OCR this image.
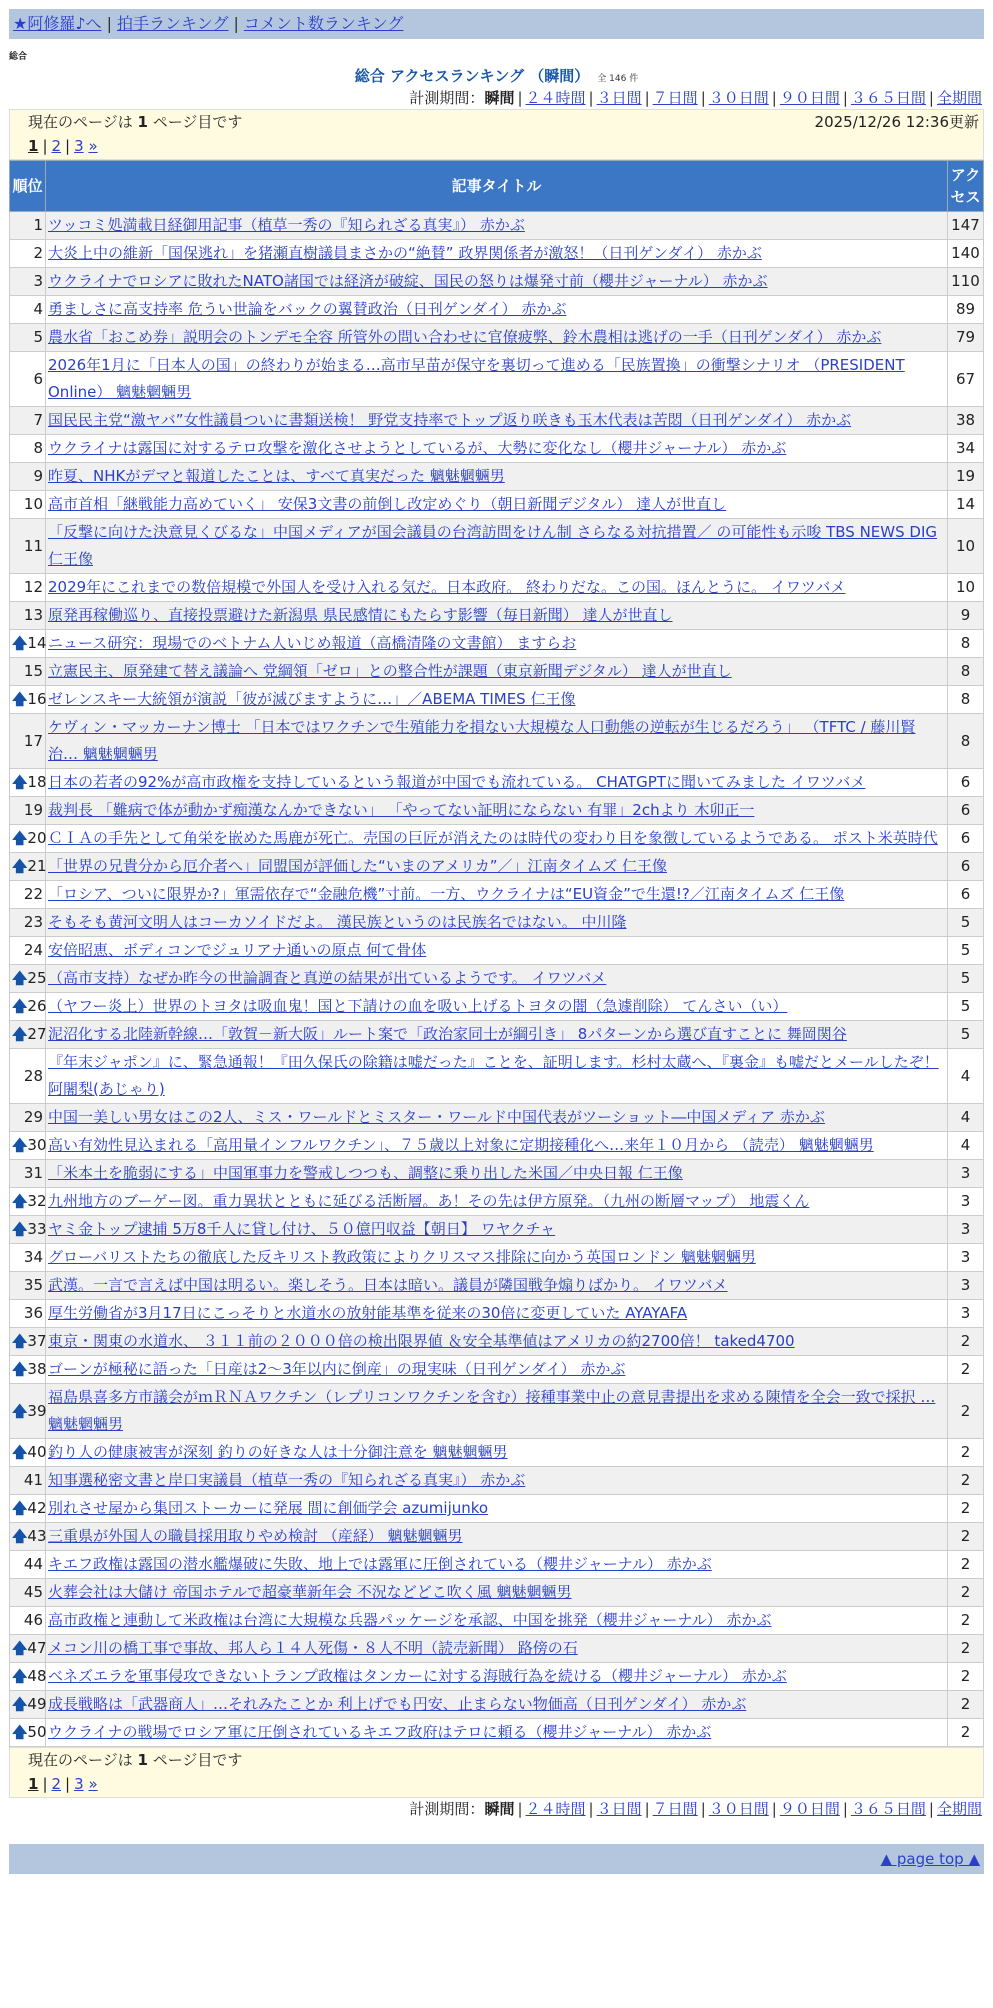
★阿修羅♪へ | 拍手ランキング | コメント数ランキング
総合
総合 アクセスランキング （瞬間） 全 146 件
計測期間：瞬間 | ２４時間 | ３日間 | ７日間 | ３０日間 | ９０日間 | ３６５日間 | 全期間
現在のページは 1 ページ目です	2025/12/26 12:36更新
1 | 2 | 3 »
順位	記事タイトル	アクセス
1	ツッコミ処満載日経御用記事（植草一秀の『知られざる真実』） 赤かぶ	147
2	大炎上中の維新「国保逃れ」を猪瀬直樹議員まさかの“絶賛” 政界関係者が激怒！（日刊ゲンダイ） 赤かぶ	140
3	ウクライナでロシアに敗れたNATO諸国では経済が破綻、国民の怒りは爆発寸前（櫻井ジャーナル） 赤かぶ	110
4	勇ましさに高支持率 危うい世論をバックの翼賛政治（日刊ゲンダイ） 赤かぶ	89
5	農水省「おこめ券」説明会のトンデモ全容 所管外の問い合わせに官僚疲弊、鈴木農相は逃げの一手（日刊ゲンダイ） 赤かぶ	79
6	2026年1月に「日本人の国」の終わりが始まる…高市早苗が保守を裏切って進める「民族置換」の衝撃シナリオ （PRESIDENT Online） 魑魅魍魎男	67
7	国民民主党“激ヤバ”女性議員ついに書類送検！ 野党支持率でトップ返り咲きも玉木代表は苦悶（日刊ゲンダイ） 赤かぶ	38
8	ウクライナは露国に対するテロ攻撃を激化させようとしているが、大勢に変化なし（櫻井ジャーナル） 赤かぶ	34
9	昨夏、NHKがデマと報道したことは、すべて真実だった 魑魅魍魎男	19
10	高市首相「継戦能力高めていく」 安保3文書の前倒し改定めぐり（朝日新聞デジタル） 達人が世直し	14
11	「反撃に向けた決意見くびるな」中国メディアが国会議員の台湾訪問をけん制 さらなる対抗措置／ の可能性も示唆 TBS NEWS DIG 仁王像	10
12	2029年にこれまでの数倍規模で外国人を受け入れる気だ。日本政府。 終わりだな。この国。ほんとうに。 イワツバメ	10
13	原発再稼働巡り、直接投票避けた新潟県 県民感情にもたらす影響（毎日新聞） 達人が世直し	9

🡅 14	ニュース研究：現場でのベトナム人いじめ報道（高橋清隆の文書館） ますらお	8
15	立憲民主、原発建て替え議論へ 党綱領「ゼロ」との整合性が課題（東京新聞デジタル） 達人が世直し	8

🡅 16	ゼレンスキー大統領が演説「彼が滅びますように…」／ABEMA TIMES 仁王像	8
17	ケヴィン・マッカーナン博士 「日本ではワクチンで生殖能力を損ない大規模な人口動態の逆転が生じるだろう」 （TFTC / 藤川賢治… 魑魅魍魎男	8

🡅 18	日本の若者の92%が高市政権を支持しているという報道が中国でも流れている。 CHATGPTに聞いてみました イワツバメ	6
19	裁判長 「難病で体が動かず痴漢なんかできない」 「やってない証明にならない 有罪」2chより 木卯正一	6

🡅 20	ＣＩＡの手先として角栄を嵌めた馬鹿が死亡。売国の巨匠が消えたのは時代の変わり目を象徴しているようである。 ポスト米英時代	6

🡅 21	「世界の兄貴分から厄介者へ」同盟国が評価した“いまのアメリカ”／」江南タイムズ 仁王像	6
22	「ロシア、ついに限界か?」軍需依存で“金融危機”寸前。一方、ウクライナは“EU資金”で生還!?／江南タイムズ 仁王像	6
23	そもそも黄河文明人はコーカソイドだよ。 漢民族というのは民族名ではない。 中川隆	5
24	安倍昭恵、ボディコンでジュリアナ通いの原点 何て骨体	5

🡅 25	（高市支持）なぜか昨今の世論調査と真逆の結果が出ているようです。 イワツバメ	5

🡅 26	（ヤフー炎上）世界のトヨタは吸血鬼！国と下請けの血を吸い上げるトヨタの闇（急遽削除） てんさい（い）	5

🡅 27	泥沼化する北陸新幹線…「敦賀－新大阪」ルート案で「政治家同士が綱引き」 8パターンから選び直すことに 舞岡関谷	5
28	『年末ジャポン』に、緊急通報！『田久保氏の除籍は嘘だった』ことを、証明します。杉村太蔵へ、『裏金』も嘘だとメールしたぞ！ 阿闍梨(あじゃり)	4
29	中国一美しい男女はこの2人、ミス・ワールドとミスター・ワールド中国代表がツーショット―中国メディア 赤かぶ	4

🡅 30	高い有効性見込まれる「高用量インフルワクチン」、７５歳以上対象に定期接種化へ…来年１０月から （読売） 魑魅魍魎男	4
31	「米本土を脆弱にする」中国軍事力を警戒しつつも、調整に乗り出した米国／中央日報 仁王像	3

🡅 32	九州地方のブーゲー図。重力異状とともに延びる活断層。あ！その先は伊方原発。（九州の断層マップ） 地震くん	3

🡅 33	ヤミ金トップ逮捕 5万8千人に貸し付け、５０億円収益【朝日】 ワヤクチャ	3
34	グローバリストたちの徹底した反キリスト教政策によりクリスマス排除に向かう英国ロンドン 魑魅魍魎男	3
35	武漢。一言で言えば中国は明るい。楽しそう。日本は暗い。議員が隣国戦争煽りばかり。 イワツバメ	3
36	厚生労働省が3月17日にこっそりと水道水の放射能基準を従来の30倍に変更していた AYAYAFA	3

🡅 37	東京・関東の水道水、 ３１１前の２０００倍の検出限界値 ＆安全基準値はアメリカの約2700倍！ taked4700	2

🡅 38	ゴーンが極秘に語った「日産は2～3年以内に倒産」の現実味（日刊ゲンダイ） 赤かぶ	2

🡅 39	福島県喜多方市議会がｍＲＮＡワクチン（レプリコンワクチンを含む）接種事業中止の意見書提出を求める陳情を全会一致で採択 … 魑魅魍魎男	2

🡅 40	釣り人の健康被害が深刻 釣りの好きな人は十分御注意を 魑魅魍魎男	2
41	知事選秘密文書と岸口実議員（植草一秀の『知られざる真実』） 赤かぶ	2

🡅 42	別れさせ屋から集団ストーカーに発展 間に創価学会 azumijunko	2

🡅 43	三重県が外国人の職員採用取りやめ検討 （産経） 魑魅魍魎男	2
44	キエフ政権は露国の潜水艦爆破に失敗、地上では露軍に圧倒されている（櫻井ジャーナル） 赤かぶ	2
45	火葬会社は大儲け 帝国ホテルで超豪華新年会 不況などどこ吹く風 魑魅魍魎男	2
46	高市政権と連動して米政権は台湾に大規模な兵器パッケージを承認、中国を挑発（櫻井ジャーナル） 赤かぶ	2

🡅 47	メコン川の橋工事で事故、邦人ら１４人死傷・８人不明（読売新聞） 路傍の石	2

🡅 48	ベネズエラを軍事侵攻できないトランプ政権はタンカーに対する海賊行為を続ける（櫻井ジャーナル） 赤かぶ	2

🡅 49	成長戦略は「武器商人」…それみたことか 利上げでも円安、止まらない物価高（日刊ゲンダイ） 赤かぶ	2

🡅 50	ウクライナの戦場でロシア軍に圧倒されているキエフ政府はテロに頼る（櫻井ジャーナル） 赤かぶ	2
現在のページは 1 ページ目です
1 | 2 | 3 »
計測期間：瞬間 | ２４時間 | ３日間 | ７日間 | ３０日間 | ９０日間 | ３６５日間 | 全期間
▲ page top ▲
